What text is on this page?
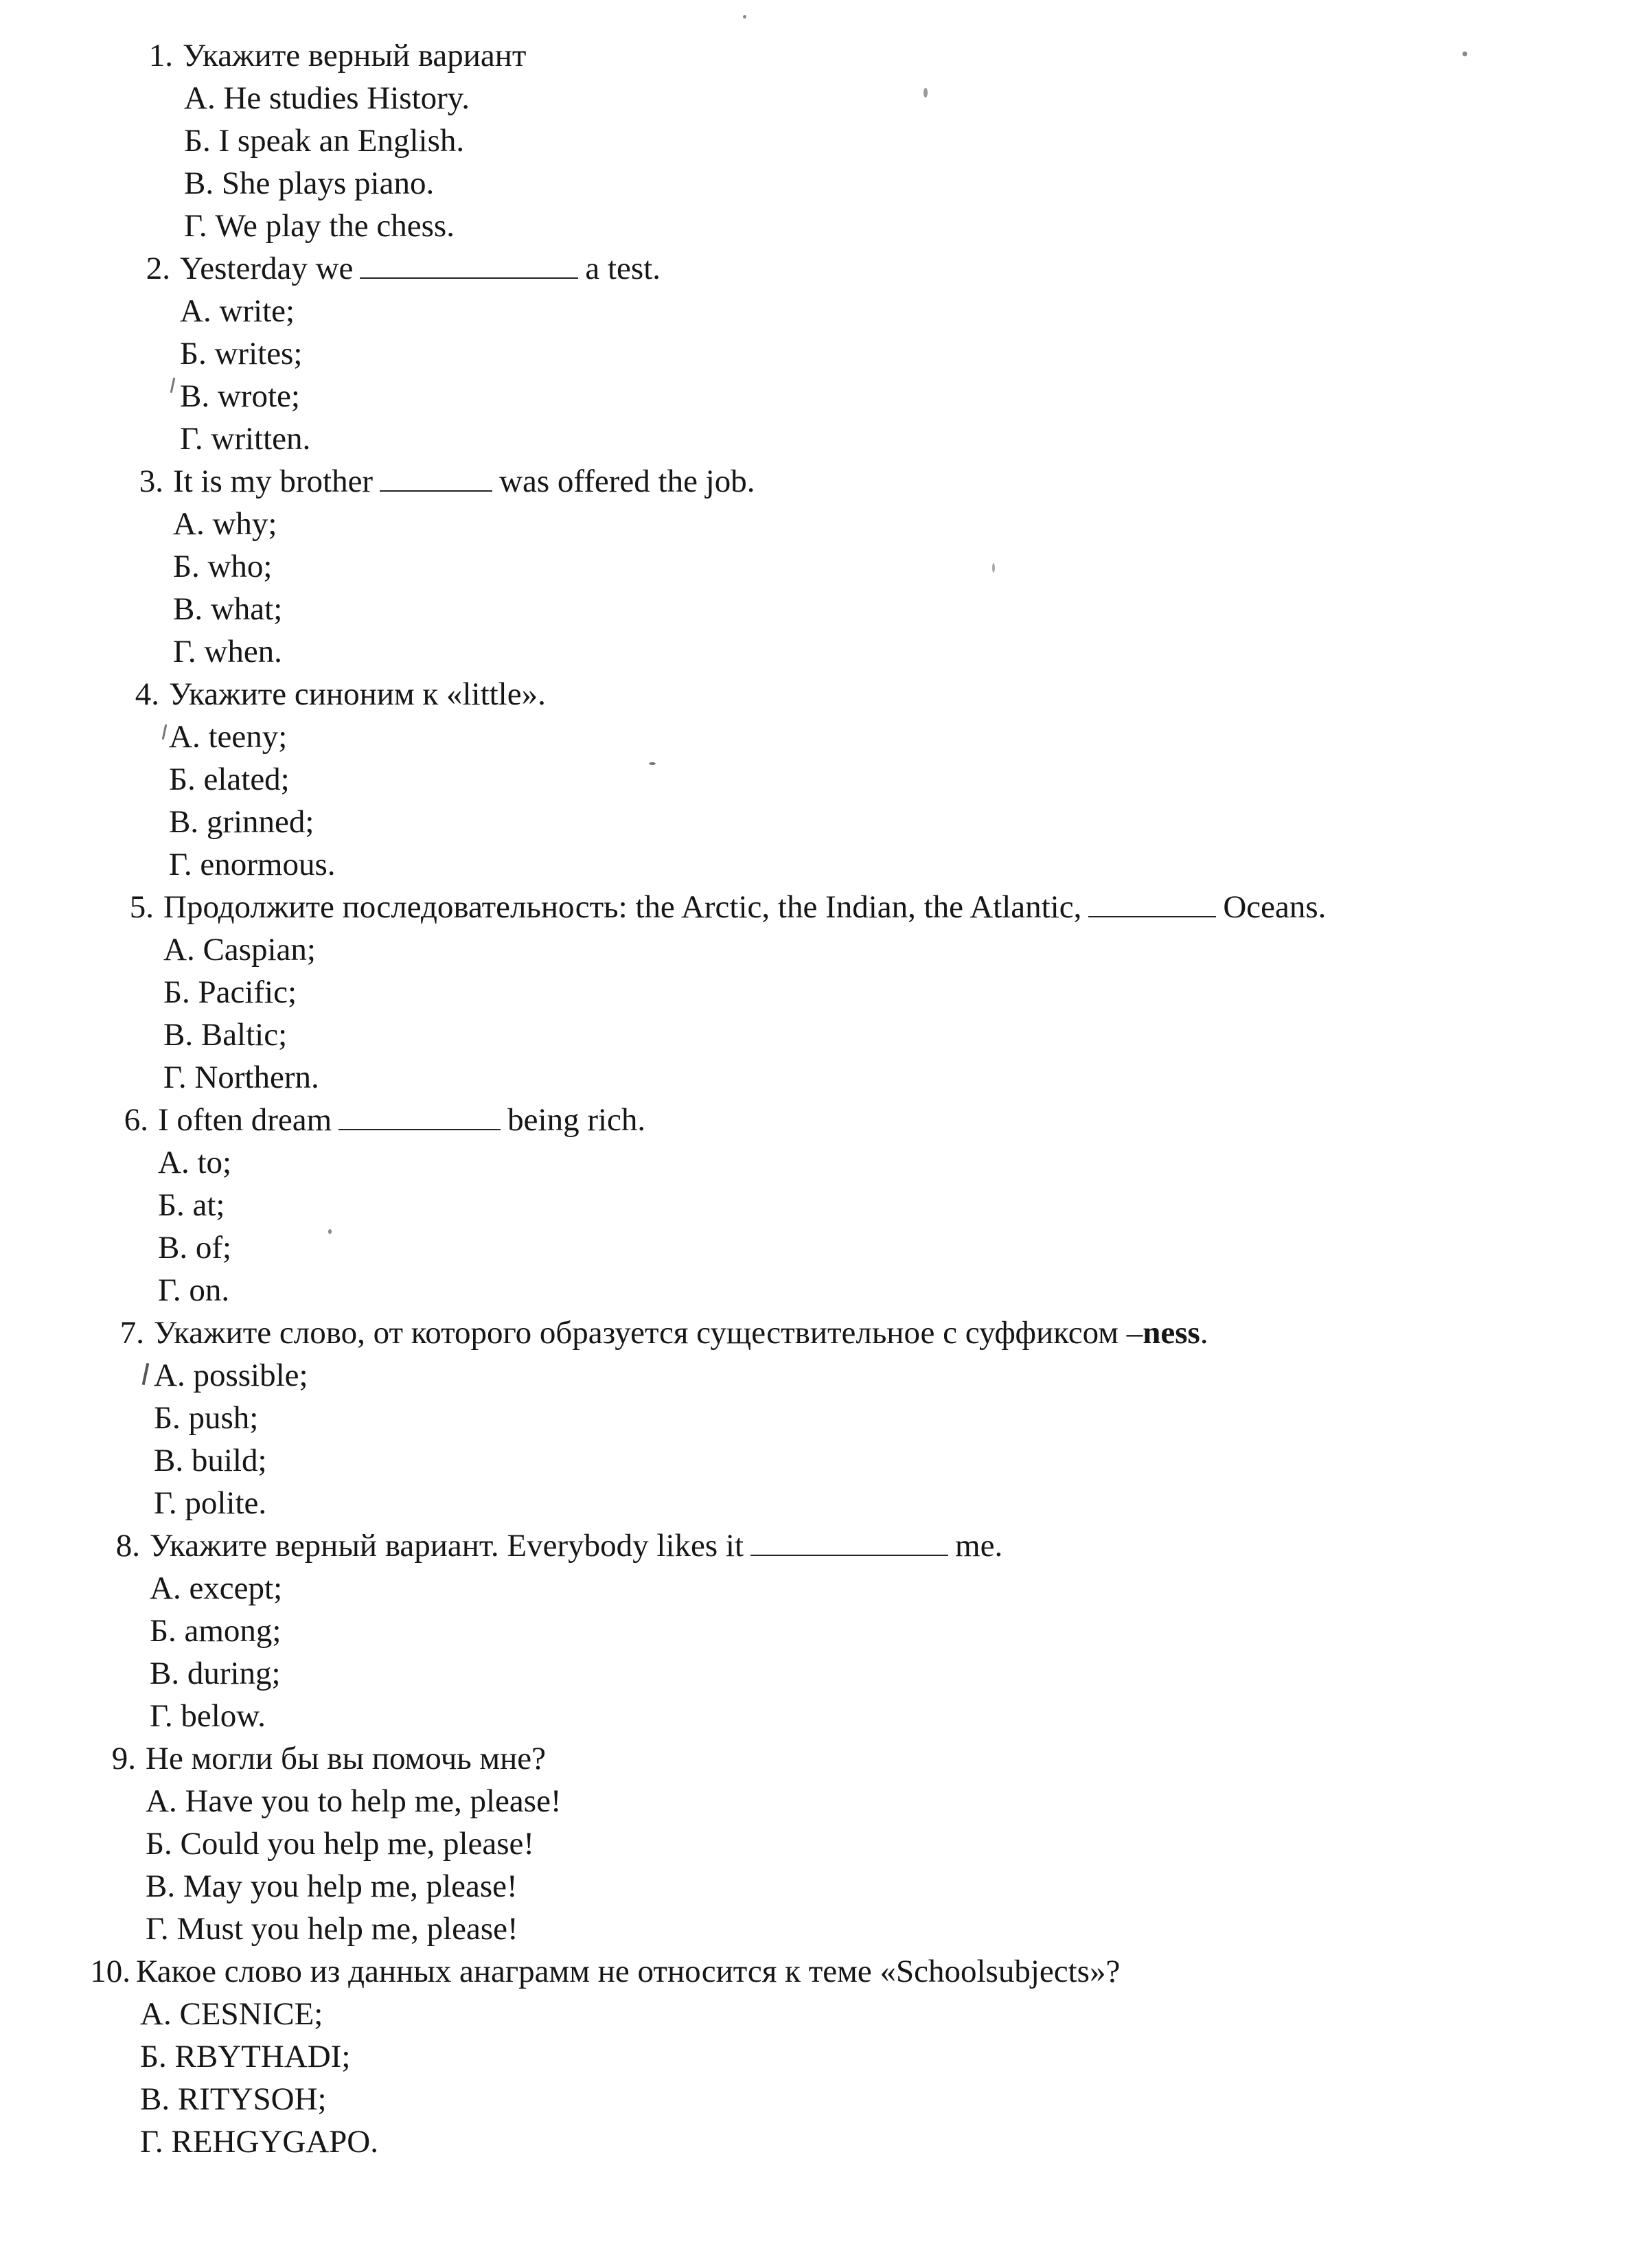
1. Укажите верный вариант
А. He studies History.
Б. I speak an English.
В. She plays piano.
Г. We play the chess.
2. Yesterday we	a test.
А. write;
Б. writes;
В. wrote;
Г. written.
3. It is my brother	was offered the job.
А. why;
Б. who;
В. what;
Г. when.
4. Укажите синоним к «little».
А. teeny;
Б. elated;
В. grinned;
Г. enormous.
5. Продолжите последовательность: the Arctic, the Indian, the Atlantic,	Oceans.
А. Caspian;
Б. Pacific;
В. Baltic;
Г. Northern.
6. I often dream	being rich.
А. to;
Б. at;
В. of;
Г. on.
7. Укажите слово, от которого образуется существительное с суффиксом – ness .
А. possible;
Б. push;
В. build;
Г. polite.
8. Укажите верный вариант. Everybody likes it	me.
А. except;
Б. among;
В. during;
Г. below.
9. Не могли бы вы помочь мне?
А. Have you to help me, please!
Б. Could you help me, please!
В. May you help me, please!
Г. Must you help me, please!
10. Какое слово из данных анаграмм не относится к теме «Schoolsubjects»?
А. CESNICE;
Б. RBYTHADI;
В. RITYSOH;
Г. REHGYGAPO.
